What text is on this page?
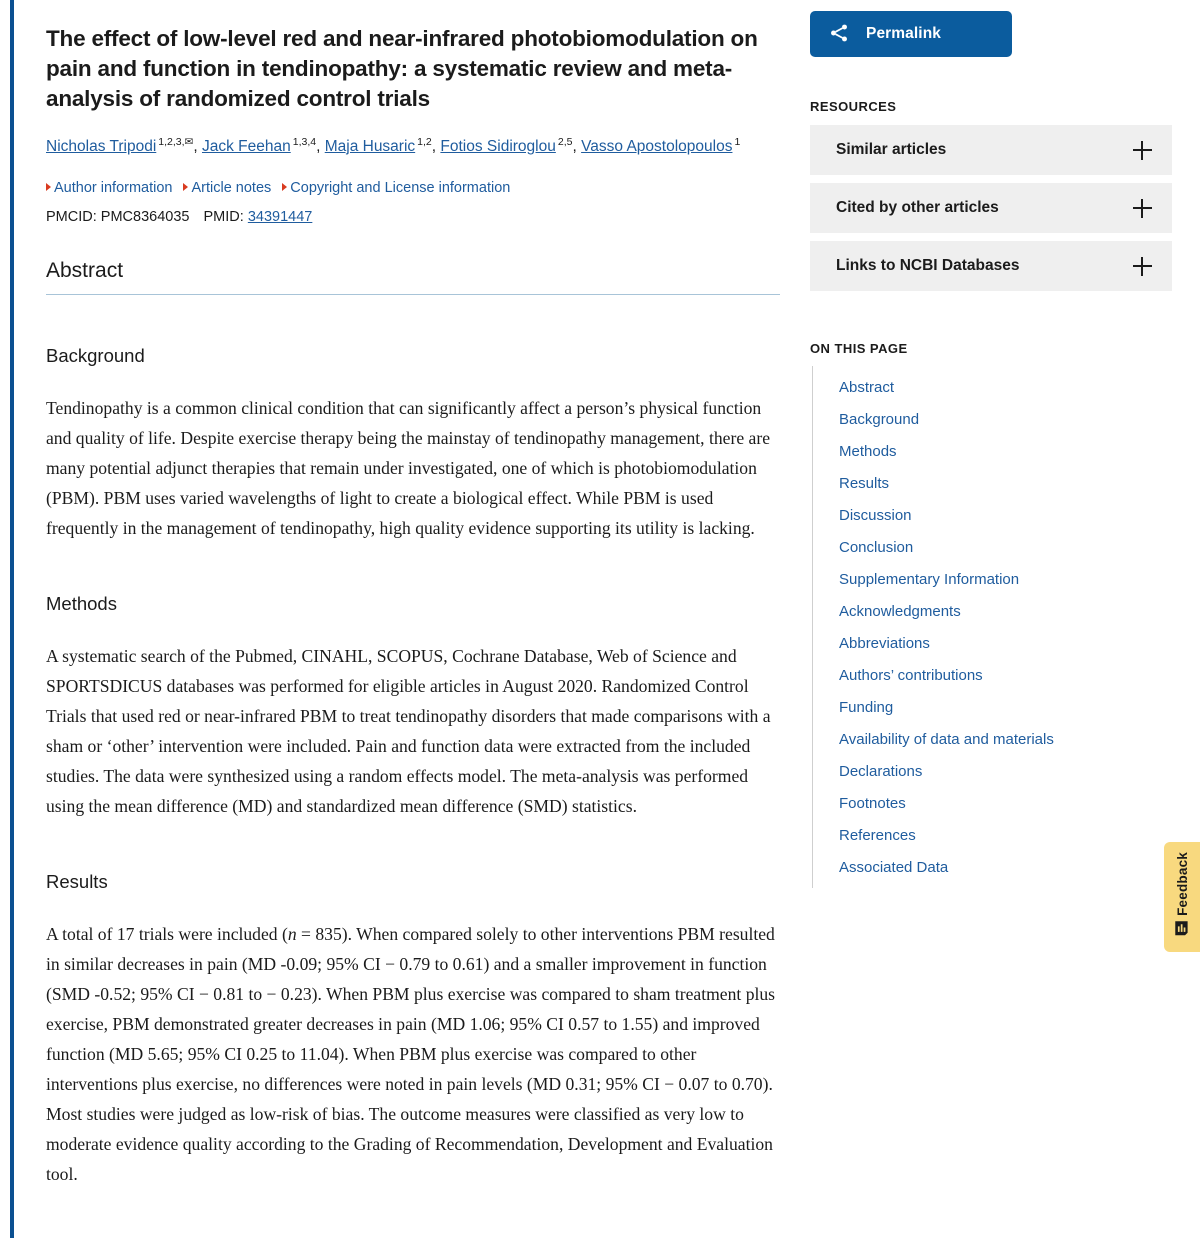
The effect of low-level red and near-infrared photobiomodulation on pain and function in tendinopathy: a systematic review and meta-analysis of randomized control trials
Nicholas Tripodi $^{1,2,3,✉}$, Jack Feehan $^{1,3,4}$, Maja Husaric $^{1,2}$, Fotios Sidiroglou $^{2,5}$, Vasso Apostolopoulos $^1$
Author information Article notes Copyright and License information
PMCID: PMC8364035 PMID: 34391447
Abstract
Background

Tendinopathy is a common clinical condition that can significantly affect a person’s physical function and quality of life. Despite exercise therapy being the mainstay of tendinopathy management, there are many potential adjunct therapies that remain under investigated, one of which is photobiomodulation (PBM). PBM uses varied wavelengths of light to create a biological effect. While PBM is used frequently in the management of tendinopathy, high quality evidence supporting its utility is lacking.

Methods

A systematic search of the Pubmed, CINAHL, SCOPUS, Cochrane Database, Web of Science and SPORTSDICUS databases was performed for eligible articles in August 2020. Randomized Control Trials that used red or near-infrared PBM to treat tendinopathy disorders that made comparisons with a sham or ‘other’ intervention were included. Pain and function data were extracted from the included studies. The data were synthesized using a random effects model. The meta-analysis was performed using the mean difference (MD) and standardized mean difference (SMD) statistics.

Results

A total of 17 trials were included (n = 835). When compared solely to other interventions PBM resulted in similar decreases in pain (MD -0.09; 95% CI − 0.79 to 0.61) and a smaller improvement in function (SMD -0.52; 95% CI − 0.81 to − 0.23). When PBM plus exercise was compared to sham treatment plus exercise, PBM demonstrated greater decreases in pain (MD 1.06; 95% CI 0.57 to 1.55) and improved function (MD 5.65; 95% CI 0.25 to 11.04). When PBM plus exercise was compared to other interventions plus exercise, no differences were noted in pain levels (MD 0.31; 95% CI − 0.07 to 0.70). Most studies were judged as low-risk of bias. The outcome measures were classified as very low to moderate evidence quality according to the Grading of Recommendation, Development and Evaluation tool.

Permalink
RESOURCES
Similar articles
Cited by other articles
Links to NCBI Databases
ON THIS PAGE
Abstract
Background
Methods
Results
Discussion
Conclusion
Supplementary Information
Acknowledgments
Abbreviations
Authors’ contributions
Funding
Availability of data and materials
Declarations
Footnotes
References
Associated Data	Feedback
